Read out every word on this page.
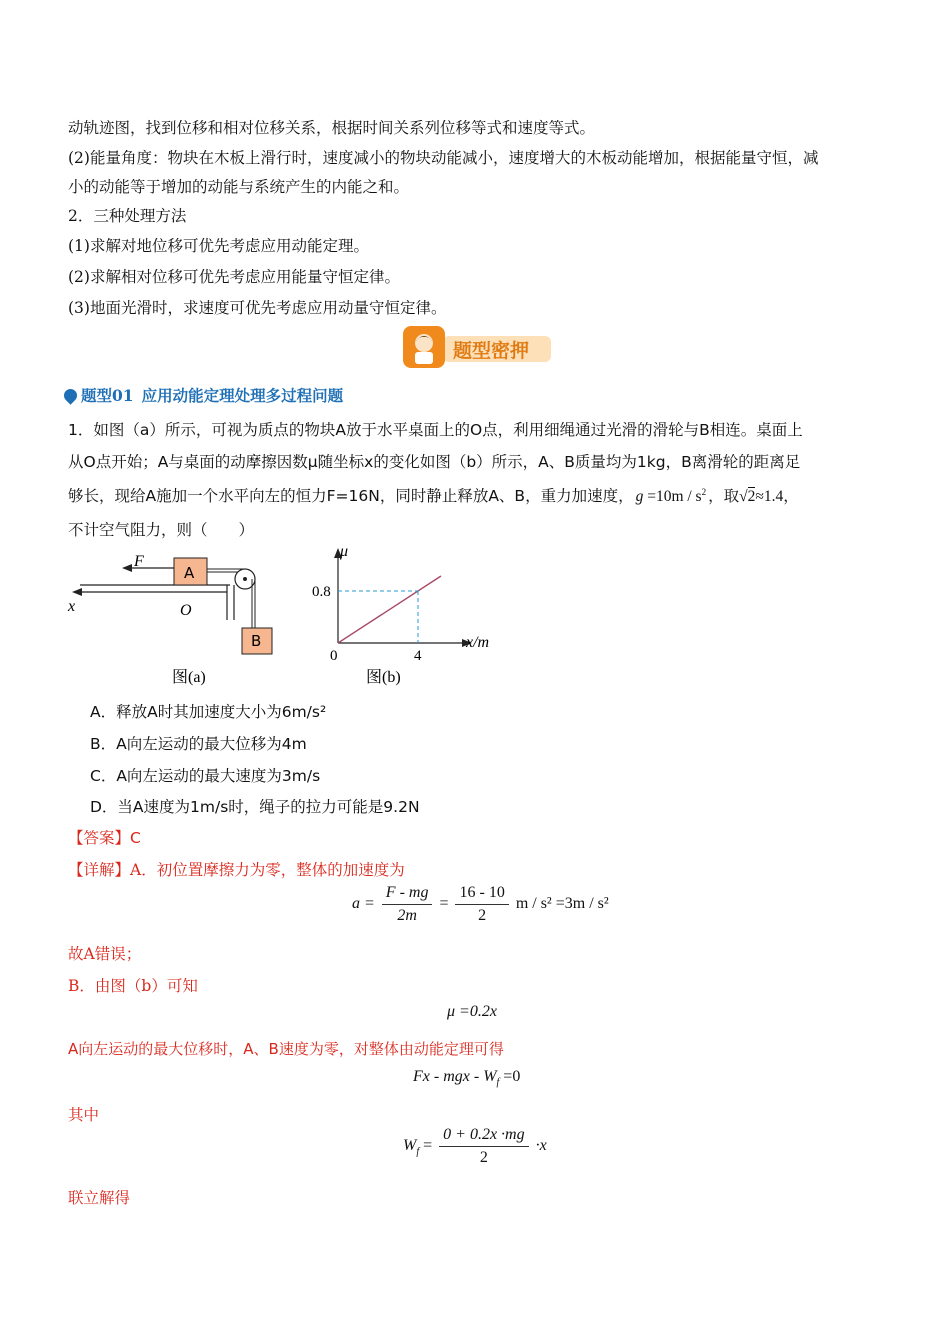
动轨迹图，找到位移和相对位移关系，根据时间关系列位移等式和速度等式。
(2)能量角度：物块在木板上滑行时，速度减小的物块动能减小，速度增大的木板动能增加，根据能量守恒，减
小的动能等于增加的动能与系统产生的内能之和。
2．三种处理方法
(1)求解对地位移可优先考虑应用动能定理。
(2)求解相对位移可优先考虑应用能量守恒定律。
(3)地面光滑时，求速度可优先考虑应用动量守恒定律。
题型密押
题型01 应用动能定理处理多过程问题
1．如图（a）所示，可视为质点的物块A放于水平桌面上的O点，利用细绳通过光滑的滑轮与B相连。桌面上
从O点开始；A与桌面的动摩擦因数μ随坐标x的变化如图（b）所示，A、B质量均为1kg，B离滑轮的距离足
够长，现给A施加一个水平向左的恒力F=16N，同时静止释放A、B，重力加速度， $g =10m / s^2$ ，取√2≈1.4，
不计空气阻力，则（　　）
F
A
B
x	O
图(a)
μ
0.8
0	4
x/m
图(b)
A．释放A时其加速度大小为6m/s²
B．A向左运动的最大位移为4m
C．A向左运动的最大速度为3m/s
D．当A速度为1m/s时，绳子的拉力可能是9.2N
【答案】C
【详解】A．初位置摩擦力为零，整体的加速度为
$a = \frac{F - mg}{2m} = \frac{16 - 10}{2}$ m / s² =3m / s²
故A错误；
B．由图（b）可知
μ =0.2x
A向左运动的最大位移时，A、B速度为零，对整体由动能定理可得
Fx - mgx - $W_f =0$
其中
$W_f = \frac{0 + 0.2x \cdot mg}{2} \cdot x$
联立解得
